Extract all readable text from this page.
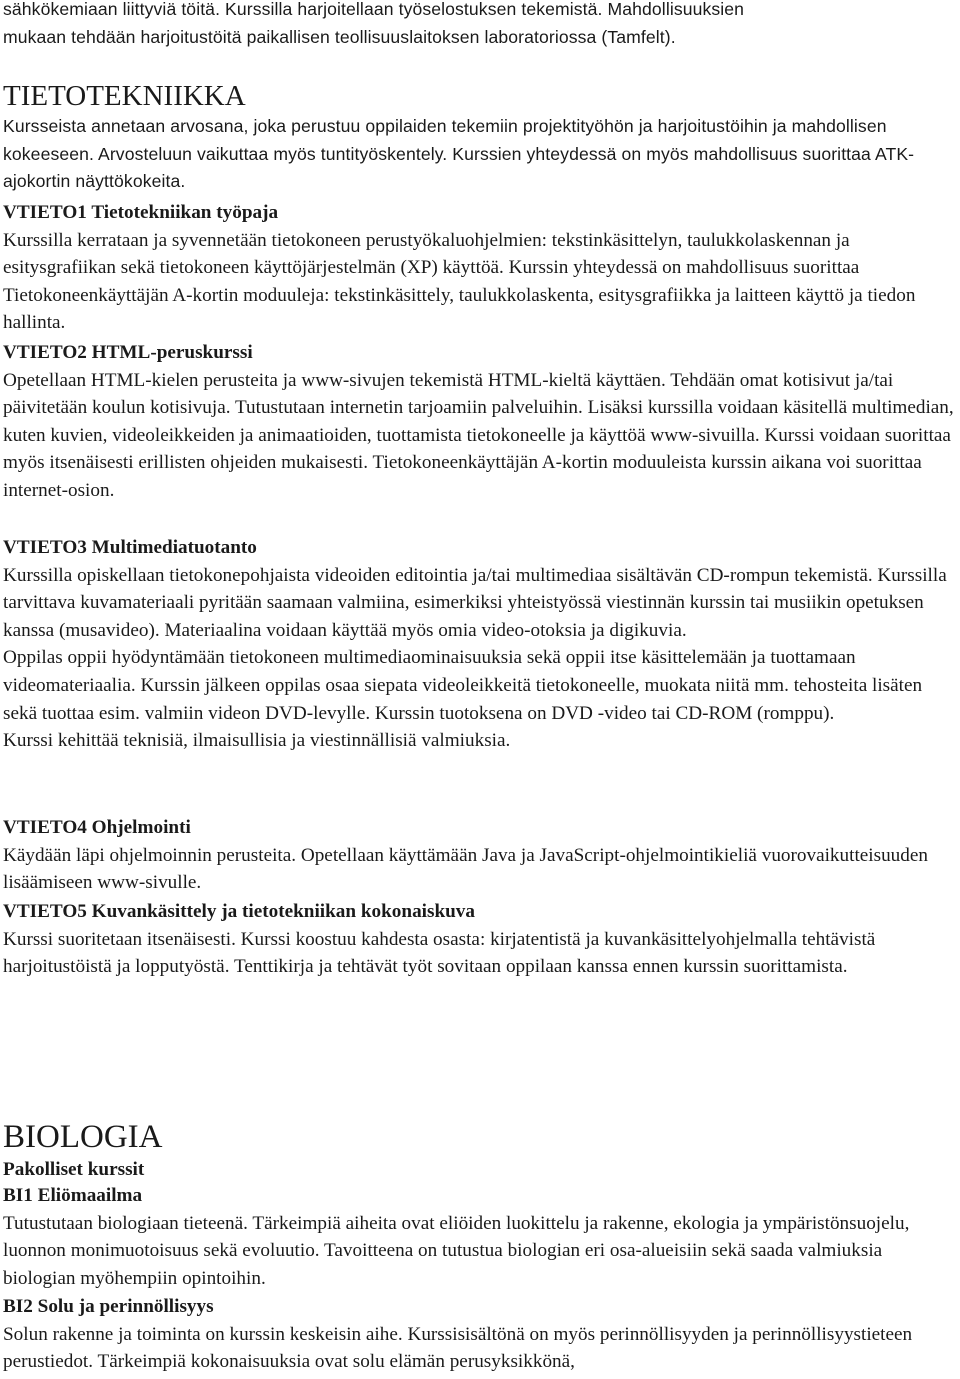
sähkökemiaan liittyviä töitä. Kurssilla harjoitellaan työselostuksen tekemistä. Mahdollisuuksien

mukaan tehdään harjoitustöitä paikallisen teollisuuslaitoksen laboratoriossa (Tamfelt).

TIETOTEKNIIKKA

Kursseista annetaan arvosana, joka perustuu oppilaiden tekemiin projektityöhön ja harjoitustöihin ja mahdollisen kokeeseen. Arvosteluun vaikuttaa myös tuntityöskentely. Kurssien yhteydessä on myös mahdollisuus suorittaa ATK-ajokortin näyttökokeita.

VTIETO1 Tietotekniikan työpaja

Kurssilla kerrataan ja syvennetään tietokoneen perustyökaluohjelmien: tekstinkäsittelyn, taulukkolaskennan ja esitysgrafiikan sekä tietokoneen käyttöjärjestelmän (XP) käyttöä. Kurssin yhteydessä on mahdollisuus suorittaa Tietokoneenkäyttäjän A-kortin moduuleja: tekstinkäsittely, taulukkolaskenta, esitysgrafiikka ja laitteen käyttö ja tiedon hallinta.

VTIETO2 HTML-peruskurssi

Opetellaan HTML-kielen perusteita ja www-sivujen tekemistä HTML-kieltä käyttäen. Tehdään omat kotisivut ja/tai päivitetään koulun kotisivuja. Tutustutaan internetin tarjoamiin palveluihin. Lisäksi kurssilla voidaan käsitellä multimedian, kuten kuvien, videoleikkeiden ja animaatioiden, tuottamista tietokoneelle ja käyttöä www-sivuilla. Kurssi voidaan suorittaa myös itsenäisesti erillisten ohjeiden mukaisesti. Tietokoneenkäyttäjän A-kortin moduuleista kurssin aikana voi suorittaa internet-osion.

VTIETO3 Multimediatuotanto

Kurssilla opiskellaan tietokonepohjaista videoiden editointia ja/tai multimediaa sisältävän CD-rompun tekemistä. Kurssilla tarvittava kuvamateriaali pyritään saamaan valmiina, esimerkiksi yhteistyössä viestinnän kurssin tai musiikin opetuksen kanssa (musavideo). Materiaalina voidaan käyttää myös omia video-otoksia ja digikuvia.

Oppilas oppii hyödyntämään tietokoneen multimediaominaisuuksia sekä oppii itse käsittelemään ja tuottamaan videomateriaalia. Kurssin jälkeen oppilas osaa siepata videoleikkeitä tietokoneelle, muokata niitä mm. tehosteita lisäten sekä tuottaa esim. valmiin videon DVD-levylle. Kurssin tuotoksena on DVD -video tai CD-ROM (romppu).

Kurssi kehittää teknisiä, ilmaisullisia ja viestinnällisiä valmiuksia.

VTIETO4 Ohjelmointi

Käydään läpi ohjelmoinnin perusteita. Opetellaan käyttämään Java ja JavaScript-ohjelmointikieliä vuorovaikutteisuuden lisäämiseen www-sivulle.

VTIETO5 Kuvankäsittely ja tietotekniikan kokonaiskuva

Kurssi suoritetaan itsenäisesti. Kurssi koostuu kahdesta osasta: kirjatentistä ja kuvankäsittelyohjelmalla tehtävistä harjoitustöistä ja lopputyöstä. Tenttikirja ja tehtävät työt sovitaan oppilaan kanssa ennen kurssin suorittamista.

BIOLOGIA

Pakolliset kurssit

BI1 Eliömaailma

Tutustutaan biologiaan tieteenä. Tärkeimpiä aiheita ovat eliöiden luokittelu ja rakenne, ekologia ja ympäristönsuojelu, luonnon monimuotoisuus sekä evoluutio. Tavoitteena on tutustua biologian eri osa-alueisiin sekä saada valmiuksia biologian myöhempiin opintoihin.

BI2 Solu ja perinnöllisyys

Solun rakenne ja toiminta on kurssin keskeisin aihe. Kurssisisältönä on myös perinnöllisyyden ja perinnöllisyystieteen perustiedot. Tärkeimpiä kokonaisuuksia ovat solu elämän perusyksikkönä,
